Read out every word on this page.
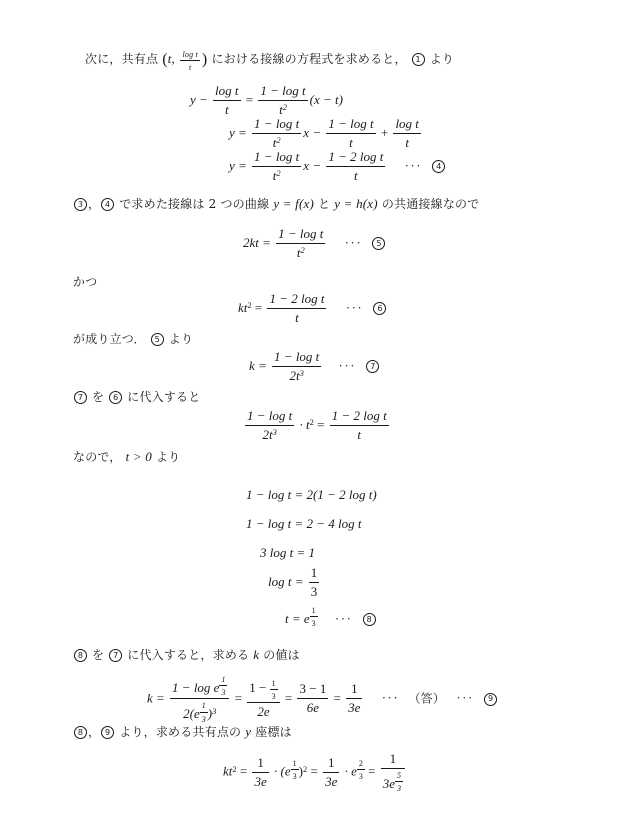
次に，共有点 (t, $\frac{\text{log t}}{t}$ ) における接線の方程式を求めると， 1 より
$y - \frac{\text{log t}}{t} = \frac{\text{1 − log t}}{t^2} (x - t)$
$y = \frac{\text{1 − log t}}{t^2}$ $x - \frac{\text{1 − log t}}{t} + \frac{\text{log t}}{t}$
$y = \frac{\text{1 − log t}}{t^2}$ $x - \frac{\text{1 − 2 log t}}{t}$ ··· 4
3 ， 4 で求めた接線は 2 つの曲線 y = f(x) と y = h(x) の共通接線なので
$2kt = \frac{\text{1 − log t}}{t^2}$ ··· 5
かつ
$kt^2 = \frac{\text{1 − 2 log t}}{t}$ ··· 6
が成り立つ． 5 より
$k = \frac{\text{1 − log t}}{2t^3}$ ··· 7
7 を 6 に代入すると
$\frac{\text{1 − log t}}{2t^3} \cdot t^2 = \frac{\text{1 − 2 log t}}{t}$
なので， t > 0 より
1 − log t = 2(1 − 2 log t)
1 − log t = 2 − 4 log t
3 log t = 1
$\log t = \frac{1}{3}$
t = e $^{\frac{1}{3}}$ ··· 8
8 を 7 に代入すると，求める k の値は
k = 1 − log e $^{\frac{1}{3}}$
2(e $^{\frac{1}{3}}$ )$^3 = \frac{1 - \frac{1}{3}}{2e} = \frac{3 - 1}{6e} = \frac{1}{3e}$ ··· （答） ··· 9
8 ， 9 より，求める共有点の y 座標は
$kt^2 = \frac{1}{3e} \cdot (e$ $^{\frac{1}{3}}$ )$^2 = \frac{1}{3e} \cdot e$ $^{\frac{2}{3}}$ = 1
3e $^{\frac{5}{3}}$
